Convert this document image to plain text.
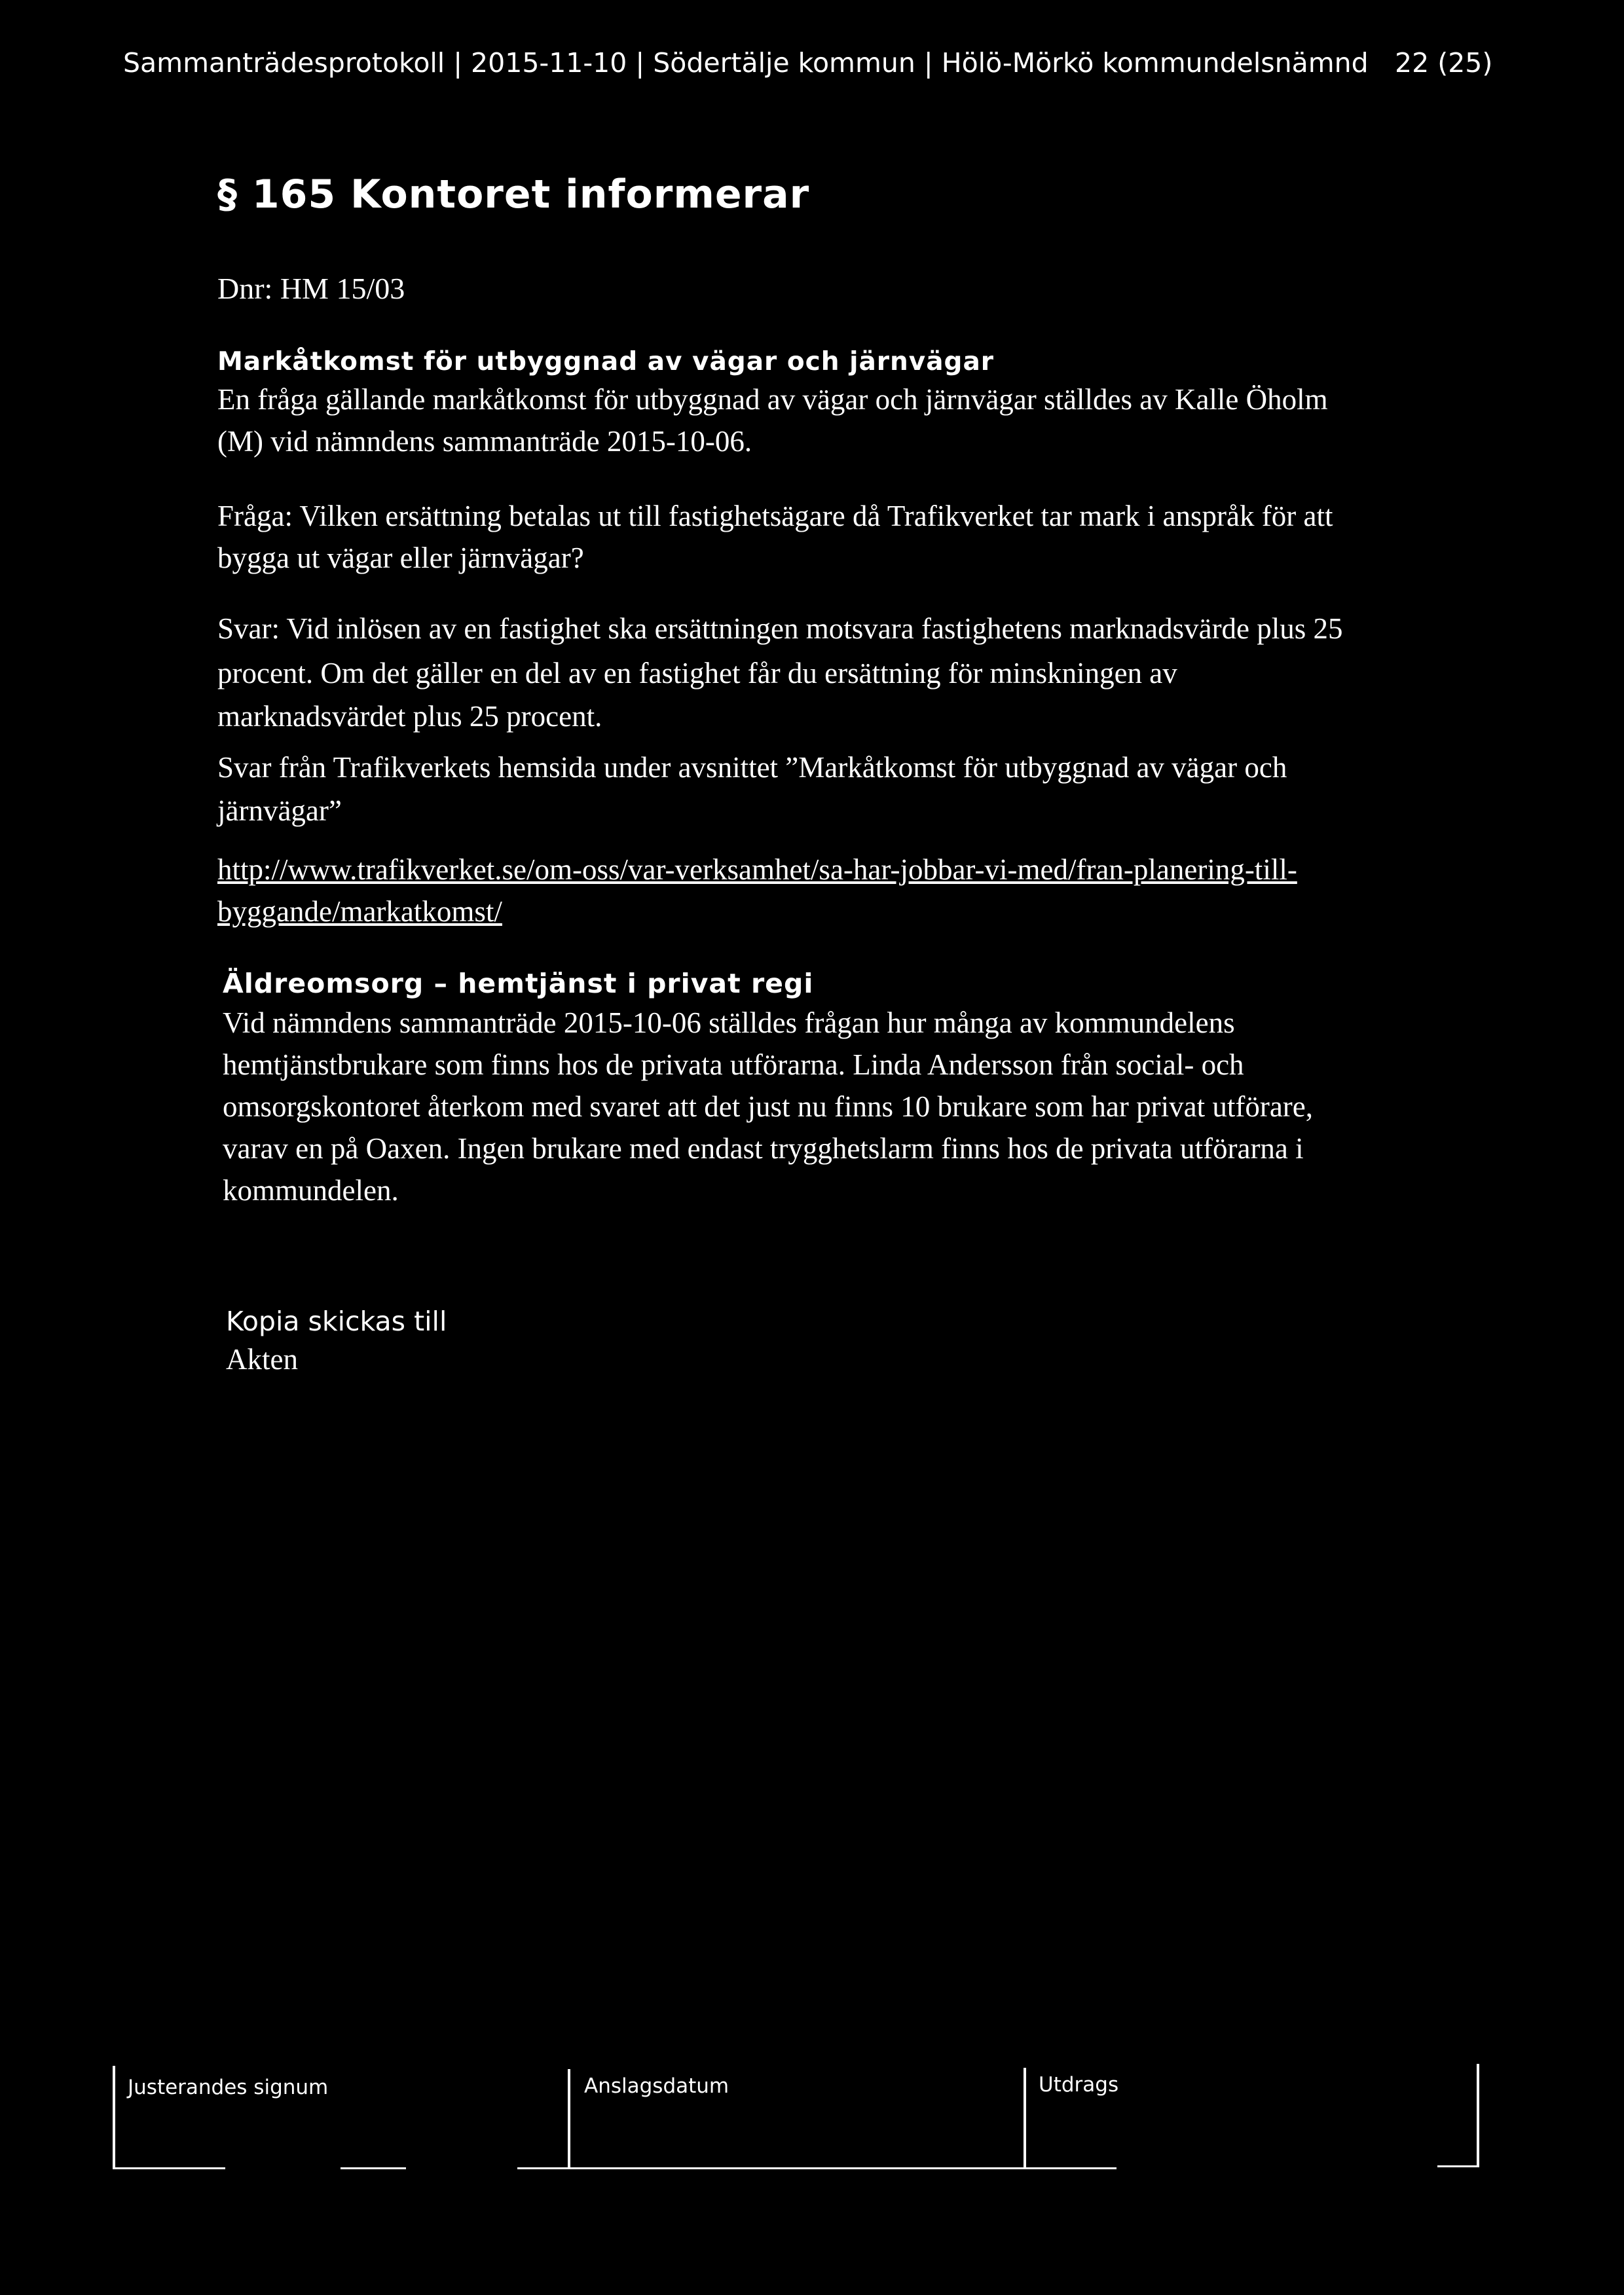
Sammanträdesprotokoll | 2015-11-10 | Södertälje kommun | Hölö-Mörkö kommundelsnämnd 22 (25)
§ 165 Kontoret informerar
Dnr: HM 15/03
Markåtkomst för utbyggnad av vägar och järnvägar
En fråga gällande markåtkomst för utbyggnad av vägar och järnvägar ställdes av Kalle Öholm
(M) vid nämndens sammanträde 2015-10-06.
Fråga: Vilken ersättning betalas ut till fastighetsägare då Trafikverket tar mark i anspråk för att
bygga ut vägar eller järnvägar?
Svar: Vid inlösen av en fastighet ska ersättningen motsvara fastighetens marknadsvärde plus 25
procent. Om det gäller en del av en fastighet får du ersättning för minskningen av
marknadsvärdet plus 25 procent.
Svar från Trafikverkets hemsida under avsnittet ”Markåtkomst för utbyggnad av vägar och
järnvägar”
http://www.trafikverket.se/om-oss/var-verksamhet/sa-har-jobbar-vi-med/fran-planering-till-
byggande/markatkomst/
Äldreomsorg – hemtjänst i privat regi
Vid nämndens sammanträde 2015-10-06 ställdes frågan hur många av kommundelens
hemtjänstbrukare som finns hos de privata utförarna. Linda Andersson från social- och
omsorgskontoret återkom med svaret att det just nu finns 10 brukare som har privat utförare,
varav en på Oaxen. Ingen brukare med endast trygghetslarm finns hos de privata utförarna i
kommundelen.
Kopia skickas till
Akten
Justerandes signum	Anslagsdatum	Utdrags
